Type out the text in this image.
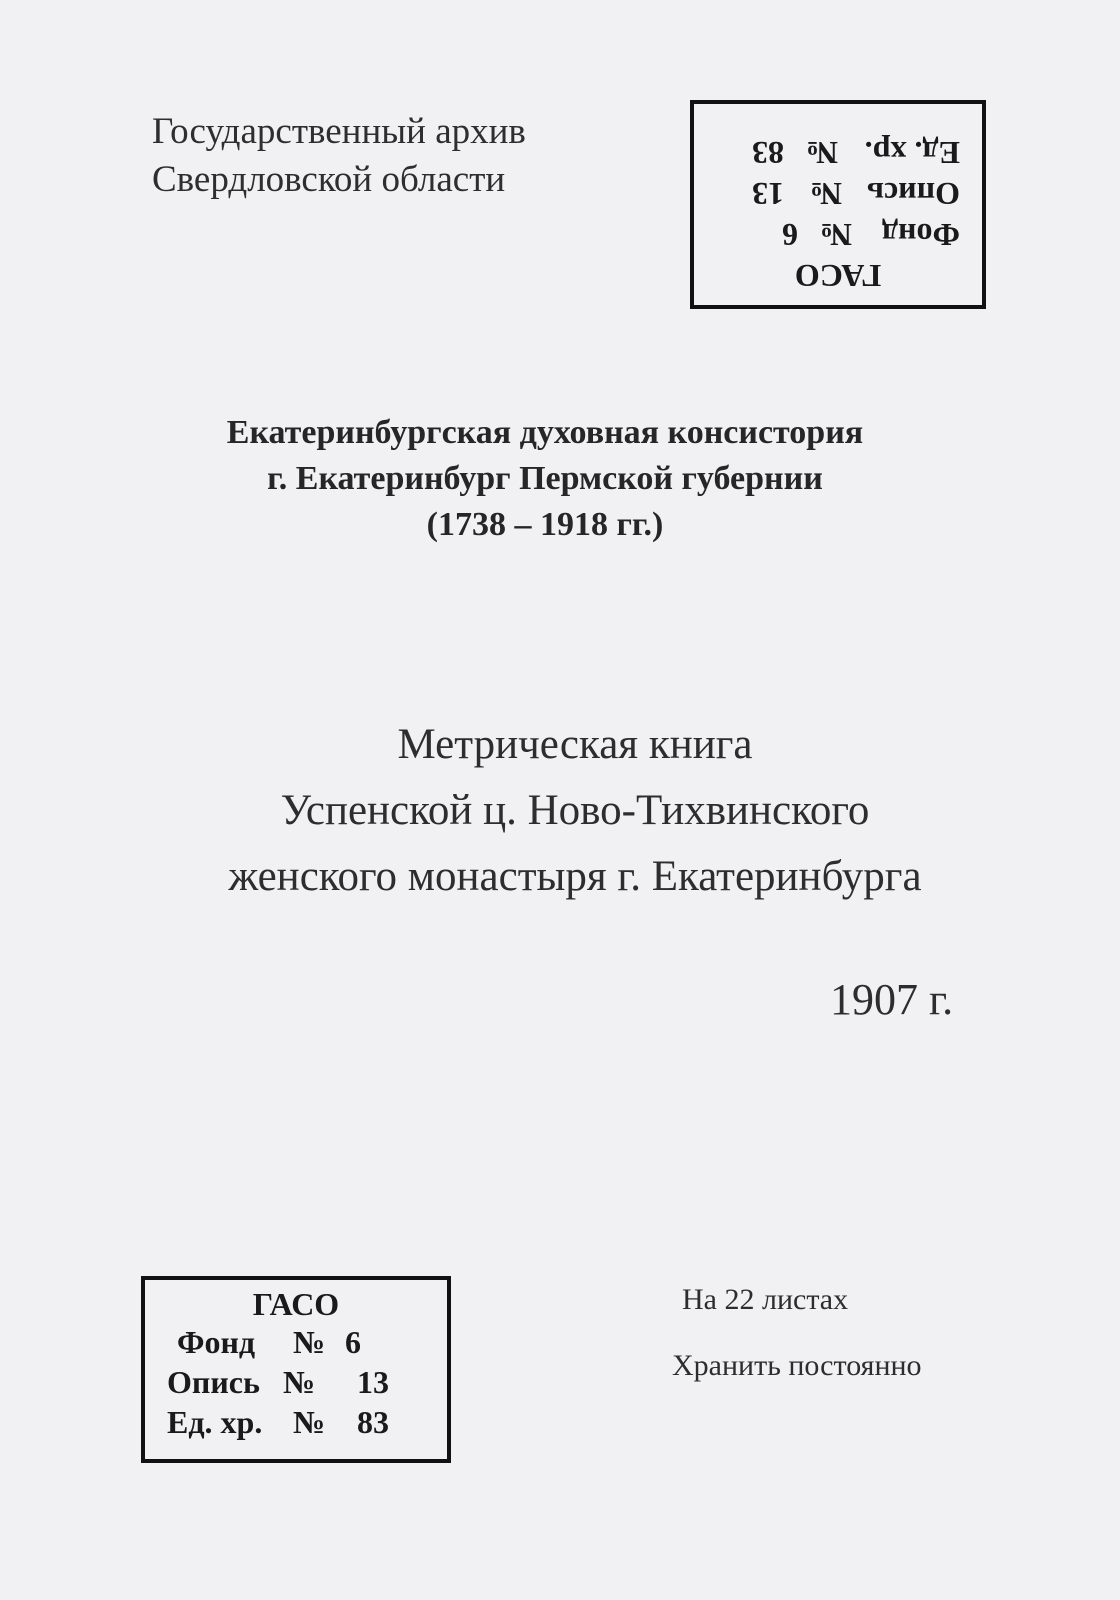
Государственный архив
Свердловской области
ГАСО
Фонд
№
6
Опись
№
13
Ед. хр.
№
83
Екатеринбургская духовная консистория
г. Екатеринбург Пермской губернии
(1738 – 1918 гг.)
Метрическая книга
Успенской ц. Ново-Тихвинского
женского монастыря г. Екатеринбурга
1907 г.
ГАСО
Фонд № 6
Опись № 13
Ед. хр. № 83
На 22 листах
Хранить постоянно
